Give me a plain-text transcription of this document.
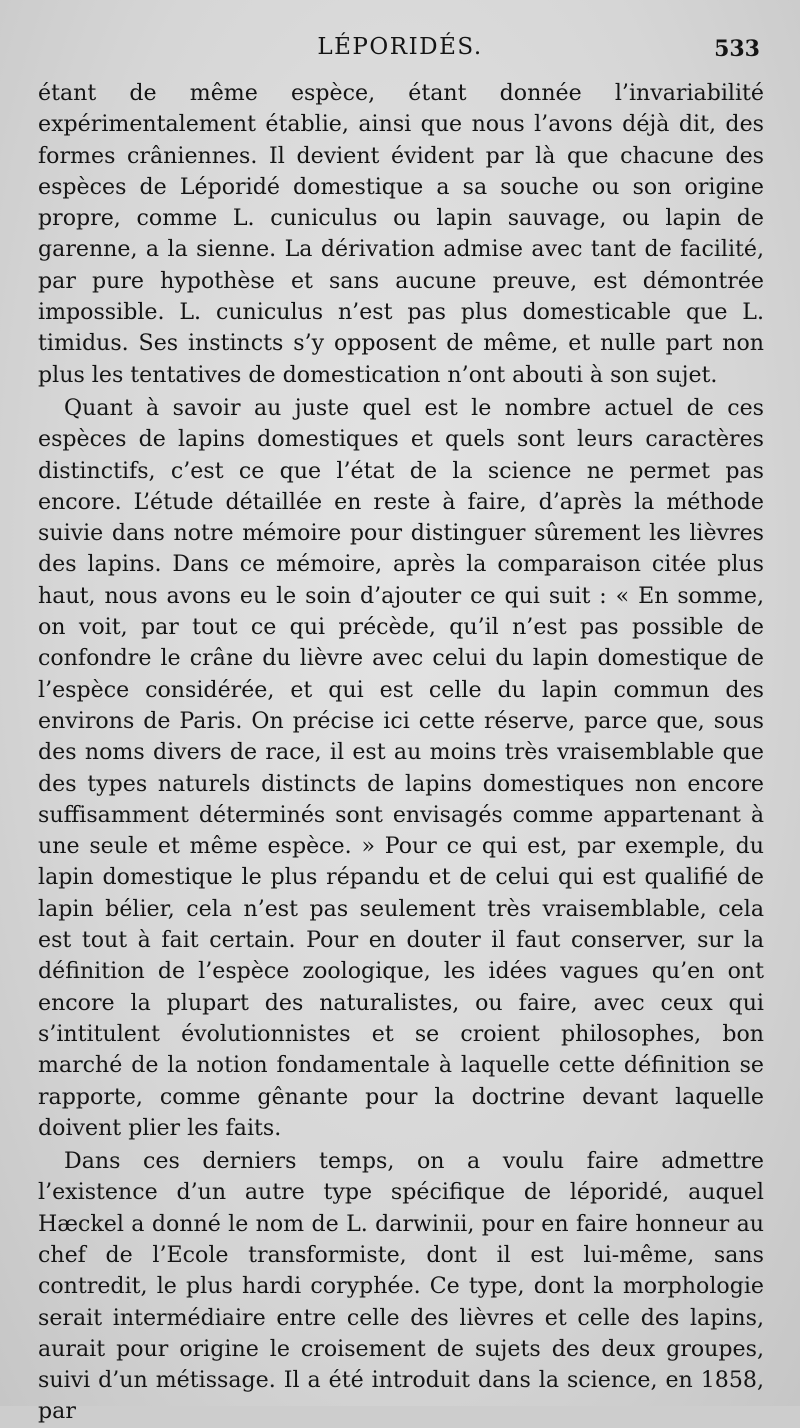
LÉPORIDÉS.	533

étant de même espèce, étant donnée l’invariabilité expérimentalement établie, ainsi que nous l’avons déjà dit, des formes crâniennes. Il devient évident par là que chacune des espèces de Léporidé domestique a sa souche ou son origine propre, comme L. cuniculus ou lapin sauvage, ou lapin de garenne, a la sienne. La dérivation admise avec tant de facilité, par pure hypothèse et sans aucune preuve, est démontrée impossible. L. cuniculus n’est pas plus domesticable que L. timidus. Ses instincts s’y opposent de même, et nulle part non plus les tentatives de domestication n’ont abouti à son sujet.

Quant à savoir au juste quel est le nombre actuel de ces espèces de lapins domestiques et quels sont leurs caractères distinctifs, c’est ce que l’état de la science ne permet pas encore. L’étude détaillée en reste à faire, d’après la méthode suivie dans notre mémoire pour distinguer sûrement les lièvres des lapins. Dans ce mémoire, après la comparaison citée plus haut, nous avons eu le soin d’ajouter ce qui suit : « En somme, on voit, par tout ce qui précède, qu’il n’est pas possible de confondre le crâne du lièvre avec celui du lapin domestique de l’espèce considérée, et qui est celle du lapin commun des environs de Paris. On précise ici cette réserve, parce que, sous des noms divers de race, il est au moins très vraisemblable que des types naturels distincts de lapins domestiques non encore suffisamment déterminés sont envisagés comme appartenant à une seule et même espèce. » Pour ce qui est, par exemple, du lapin domestique le plus répandu et de celui qui est qualifié de lapin bélier, cela n’est pas seulement très vraisemblable, cela est tout à fait certain. Pour en douter il faut conserver, sur la définition de l’espèce zoologique, les idées vagues qu’en ont encore la plupart des naturalistes, ou faire, avec ceux qui s’intitulent évolutionnistes et se croient philosophes, bon marché de la notion fondamentale à laquelle cette définition se rapporte, comme gênante pour la doctrine devant laquelle doivent plier les faits.

Dans ces derniers temps, on a voulu faire admettre l’existence d’un autre type spécifique de léporidé, auquel Hæckel a donné le nom de L. darwinii, pour en faire honneur au chef de l’Ecole transformiste, dont il est lui-même, sans contredit, le plus hardi coryphée. Ce type, dont la morphologie serait intermédiaire entre celle des lièvres et celle des lapins, aurait pour origine le croisement de sujets des deux groupes, suivi d’un métissage. Il a été introduit dans la science, en 1858, par
